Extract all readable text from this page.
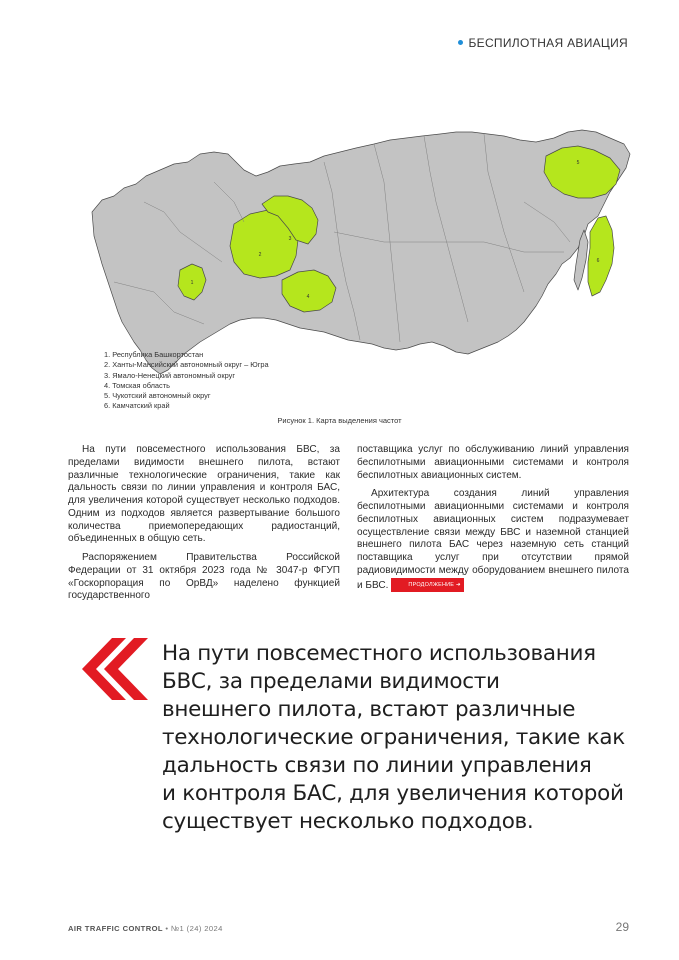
БЕСПИЛОТНАЯ АВИАЦИЯ
1
2
3
4
5
6
1. Республика Башкортостан
2. Ханты-Мансийский автономный округ – Югра
3. Ямало-Ненецкий автономный округ
4. Томская область
5. Чукотский автономный округ
6. Камчатский край
Рисунок 1. Карта выделения частот

На пути повсеместного использования БВС, за пределами видимости внешнего пилота, встают различные технологические ограничения, такие как дальность связи по линии управления и контроля БАС, для увеличения которой существует несколько подходов. Одним из подходов является развертывание большого количества приемопередающих радиостанций, объединенных в общую сеть.

Распоряжением Правительства Российской Федерации от 31 октября 2023 года № 3047-р ФГУП «Госкорпорация по ОрВД» наделено функцией государственного

поставщика услуг по обслуживанию линий управления беспилотными авиационными системами и контроля беспилотных авиационных систем.

Архитектура создания линий управления беспилотными авиационными системами и контроля беспилотных авиационных систем подразумевает осуществление связи между БВС и наземной станцией внешнего пилота БАС через наземную сеть станций поставщика услуг при отсутствии прямой радиовидимости между оборудованием внешнего пилота и БВС.	ПРОДОЛЖЕНИЕ ➜

На пути повсеместного использования
БВС, за пределами видимости
внешнего пилота, встают различные
технологические ограничения, такие как
дальность связи по линии управления
и контроля БАС, для увеличения которой
существует несколько подходов.
AIR TRAFFIC CONTROL • №1 (24) 2024	29
